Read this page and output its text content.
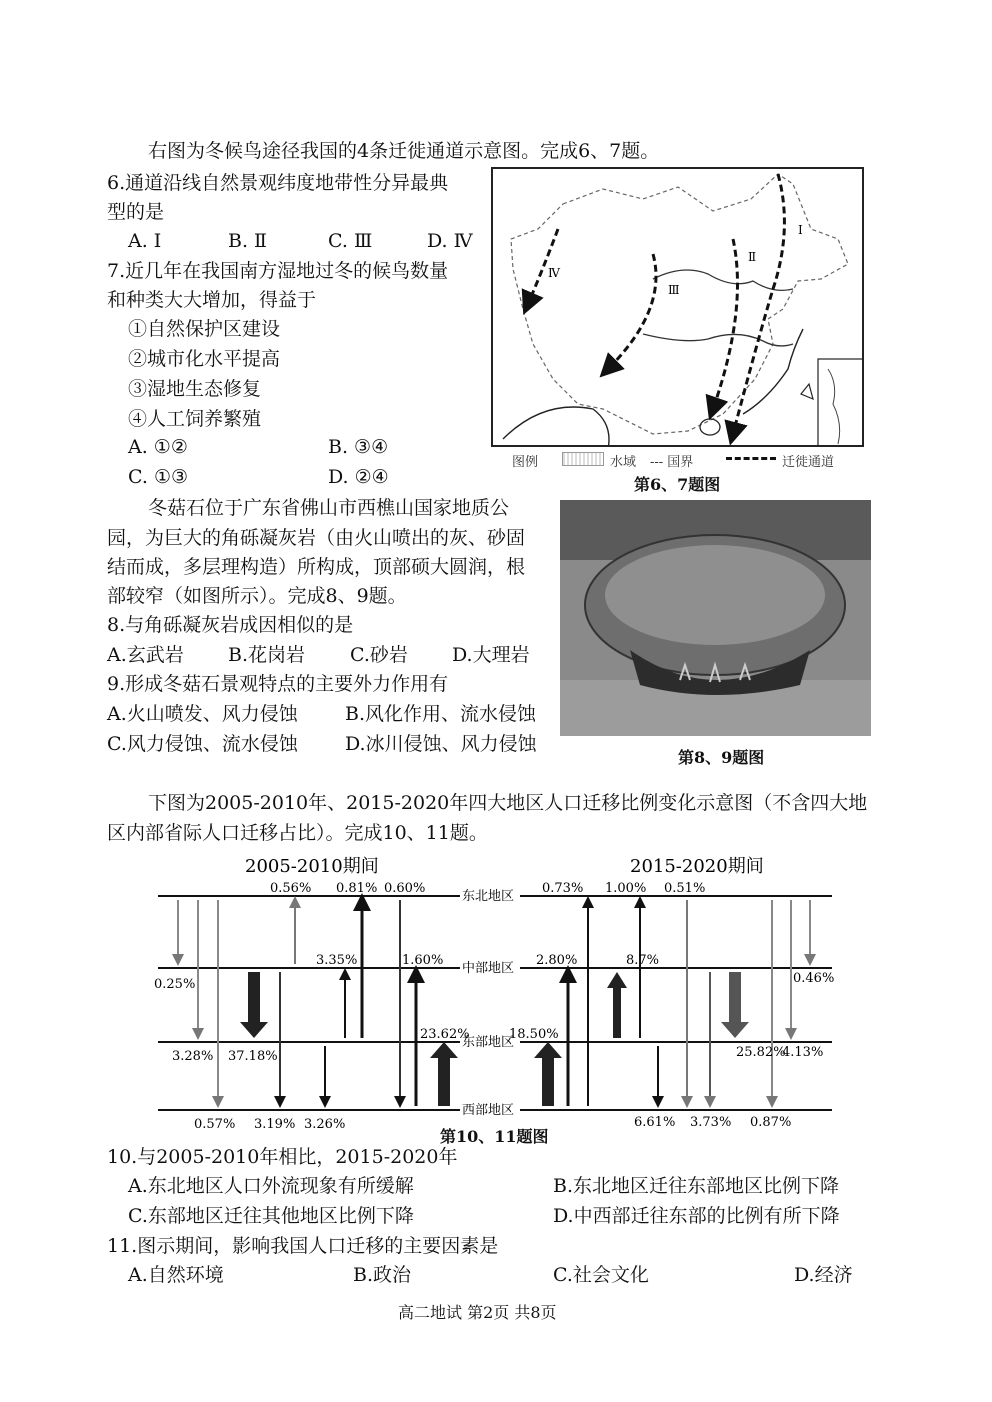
右图为冬候鸟途径我国的4条迁徙通道示意图。完成6、7题。
6.通道沿线自然景观纬度地带性分异最典
型的是
A. Ⅰ	B. Ⅱ	C. Ⅲ	D. Ⅳ
7.近几年在我国南方湿地过冬的候鸟数量
和种类大大增加，得益于
①自然保护区建设
②城市化水平提高
③湿地生态修复
④人工饲养繁殖
A. ①②	B. ③④
C. ①③	D. ②④
Ⅰ
Ⅱ
Ⅲ
Ⅳ
图例	水域 --- 国界	迁徙通道
第6、7题图
冬菇石位于广东省佛山市西樵山国家地质公
园，为巨大的角砾凝灰岩（由火山喷出的灰、砂固
结而成，多层理构造）所构成，顶部硕大圆润，根
部较窄（如图所示）。完成8、9题。
第8、9题图
8.与角砾凝灰岩成因相似的是
A.玄武岩 B.花岗岩 C.砂岩 D.大理岩
9.形成冬菇石景观特点的主要外力作用有
A.火山喷发、风力侵蚀 B.风化作用、流水侵蚀
C.风力侵蚀、流水侵蚀 D.冰川侵蚀、风力侵蚀
下图为2005-2010年、2015-2020年四大地区人口迁移比例变化示意图（不含四大地
区内部省际人口迁移占比）。完成10、11题。
2005-2010期间	2015-2020期间
东北地区
中部地区
东部地区
西部地区
0.56% 0.81% 0.60%
3.35%	1.60%
0.25%
23.62%
3.28% 37.18%
0.57% 3.19% 3.26%
0.73% 1.00% 0.51%
2.80%	8.7%
0.46%
18.50%
25.82%
4.13%
6.61% 3.73% 0.87%
第10、11题图
10.与2005-2010年相比，2015-2020年
A.东北地区人口外流现象有所缓解	B.东北地区迁往东部地区比例下降
C.东部地区迁往其他地区比例下降	D.中西部迁往东部的比例有所下降
11.图示期间，影响我国人口迁移的主要因素是
A.自然环境	B.政治	C.社会文化	D.经济
高二地试 第2页 共8页
